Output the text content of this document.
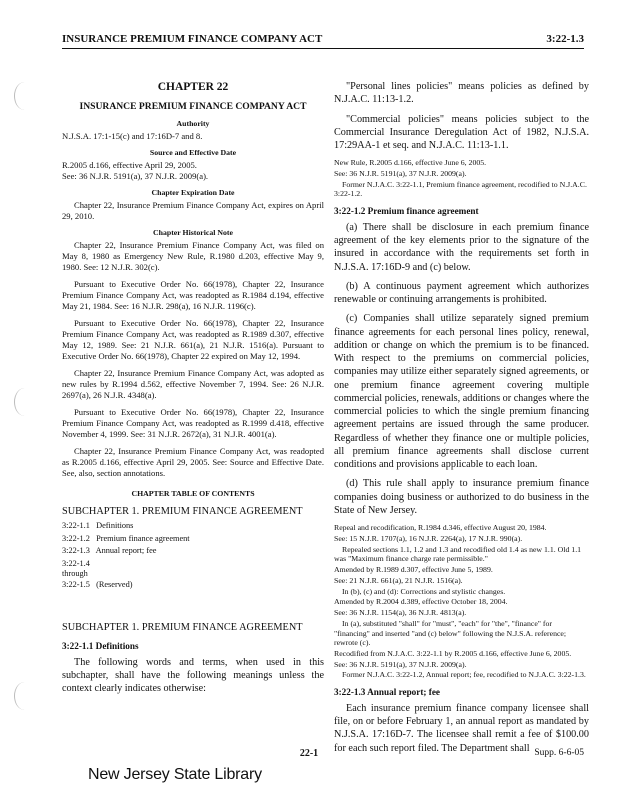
INSURANCE PREMIUM FINANCE COMPANY ACT	3:22-1.3
CHAPTER 22
INSURANCE PREMIUM FINANCE COMPANY ACT
Authority
N.J.S.A. 17:1-15(c) and 17:16D-7 and 8.
Source and Effective Date
R.2005 d.166, effective April 29, 2005.
See: 36 N.J.R. 5191(a), 37 N.J.R. 2009(a).
Chapter Expiration Date
Chapter 22, Insurance Premium Finance Company Act, expires on April 29, 2010.
Chapter Historical Note
Chapter 22, Insurance Premium Finance Company Act, was filed on May 8, 1980 as Emergency New Rule, R.1980 d.203, effective May 9, 1980. See: 12 N.J.R. 302(c).
Pursuant to Executive Order No. 66(1978), Chapter 22, Insurance Premium Finance Company Act, was readopted as R.1984 d.194, effective May 21, 1984. See: 16 N.J.R. 298(a), 16 N.J.R. 1196(c).
Pursuant to Executive Order No. 66(1978), Chapter 22, Insurance Premium Finance Company Act, was readopted as R.1989 d.307, effective May 12, 1989. See: 21 N.J.R. 661(a), 21 N.J.R. 1516(a). Pursuant to Executive Order No. 66(1978), Chapter 22 expired on May 12, 1994.
Chapter 22, Insurance Premium Finance Company Act, was adopted as new rules by R.1994 d.562, effective November 7, 1994. See: 26 N.J.R. 2697(a), 26 N.J.R. 4348(a).
Pursuant to Executive Order No. 66(1978), Chapter 22, Insurance Premium Finance Company Act, was readopted as R.1999 d.418, effective November 4, 1999. See: 31 N.J.R. 2672(a), 31 N.J.R. 4001(a).
Chapter 22, Insurance Premium Finance Company Act, was readopted as R.2005 d.166, effective April 29, 2005. See: Source and Effective Date. See, also, section annotations.
CHAPTER TABLE OF CONTENTS
SUBCHAPTER 1. PREMIUM FINANCE AGREEMENT
3:22-1.1 Definitions
3:22-1.2 Premium finance agreement
3:22-1.3 Annual report; fee
3:22-1.4 through 3:22-1.5 (Reserved)
SUBCHAPTER 1. PREMIUM FINANCE AGREEMENT
3:22-1.1 Definitions
The following words and terms, when used in this subchapter, shall have the following meanings unless the context clearly indicates otherwise:
"Personal lines policies" means policies as defined by N.J.A.C. 11:13-1.2.
"Commercial policies" means policies subject to the Commercial Insurance Deregulation Act of 1982, N.J.S.A. 17:29AA-1 et seq. and N.J.A.C. 11:13-1.1.
New Rule, R.2005 d.166, effective June 6, 2005.
See: 36 N.J.R. 5191(a), 37 N.J.R. 2009(a).
Former N.J.A.C. 3:22-1.1, Premium finance agreement, recodified to N.J.A.C. 3:22-1.2.
3:22-1.2 Premium finance agreement
(a) There shall be disclosure in each premium finance agreement of the key elements prior to the signature of the insured in accordance with the requirements set forth in N.J.S.A. 17:16D-9 and (c) below.
(b) A continuous payment agreement which authorizes renewable or continuing arrangements is prohibited.
(c) Companies shall utilize separately signed premium finance agreements for each personal lines policy, renewal, addition or change on which the premium is to be financed. With respect to the premiums on commercial policies, companies may utilize either separately signed agreements, or one premium finance agreement covering multiple commercial policies, renewals, additions or changes where the commercial policies to which the single premium financing agreement pertains are issued through the same producer. Regardless of whether they finance one or multiple policies, all premium finance agreements shall disclose current conditions and provisions applicable to each loan.
(d) This rule shall apply to insurance premium finance companies doing business or authorized to do business in the State of New Jersey.
Repeal and recodification, R.1984 d.346, effective August 20, 1984.
See: 15 N.J.R. 1707(a), 16 N.J.R. 2264(a), 17 N.J.R. 990(a).
Repealed sections 1.1, 1.2 and 1.3 and recodified old 1.4 as new 1.1. Old 1.1 was "Maximum finance charge rate permissible."
Amended by R.1989 d.307, effective June 5, 1989.
See: 21 N.J.R. 661(a), 21 N.J.R. 1516(a).
In (b), (c) and (d): Corrections and stylistic changes.
Amended by R.2004 d.389, effective October 18, 2004.
See: 36 N.J.R. 1154(a), 36 N.J.R. 4813(a).
In (a), substituted "shall" for "must", "each" for "the", "finance" for "financing" and inserted "and (c) below" following the N.J.S.A. reference; rewrote (c).
Recodified from N.J.A.C. 3:22-1.1 by R.2005 d.166, effective June 6, 2005.
See: 36 N.J.R. 5191(a), 37 N.J.R. 2009(a).
Former N.J.A.C. 3:22-1.2, Annual report; fee, recodified to N.J.A.C. 3:22-1.3.
3:22-1.3 Annual report; fee
Each insurance premium finance company licensee shall file, on or before February 1, an annual report as mandated by N.J.S.A. 17:16D-7. The licensee shall remit a fee of $100.00 for each such report filed. The Department shall
22-1	Supp. 6-6-05
New Jersey State Library
